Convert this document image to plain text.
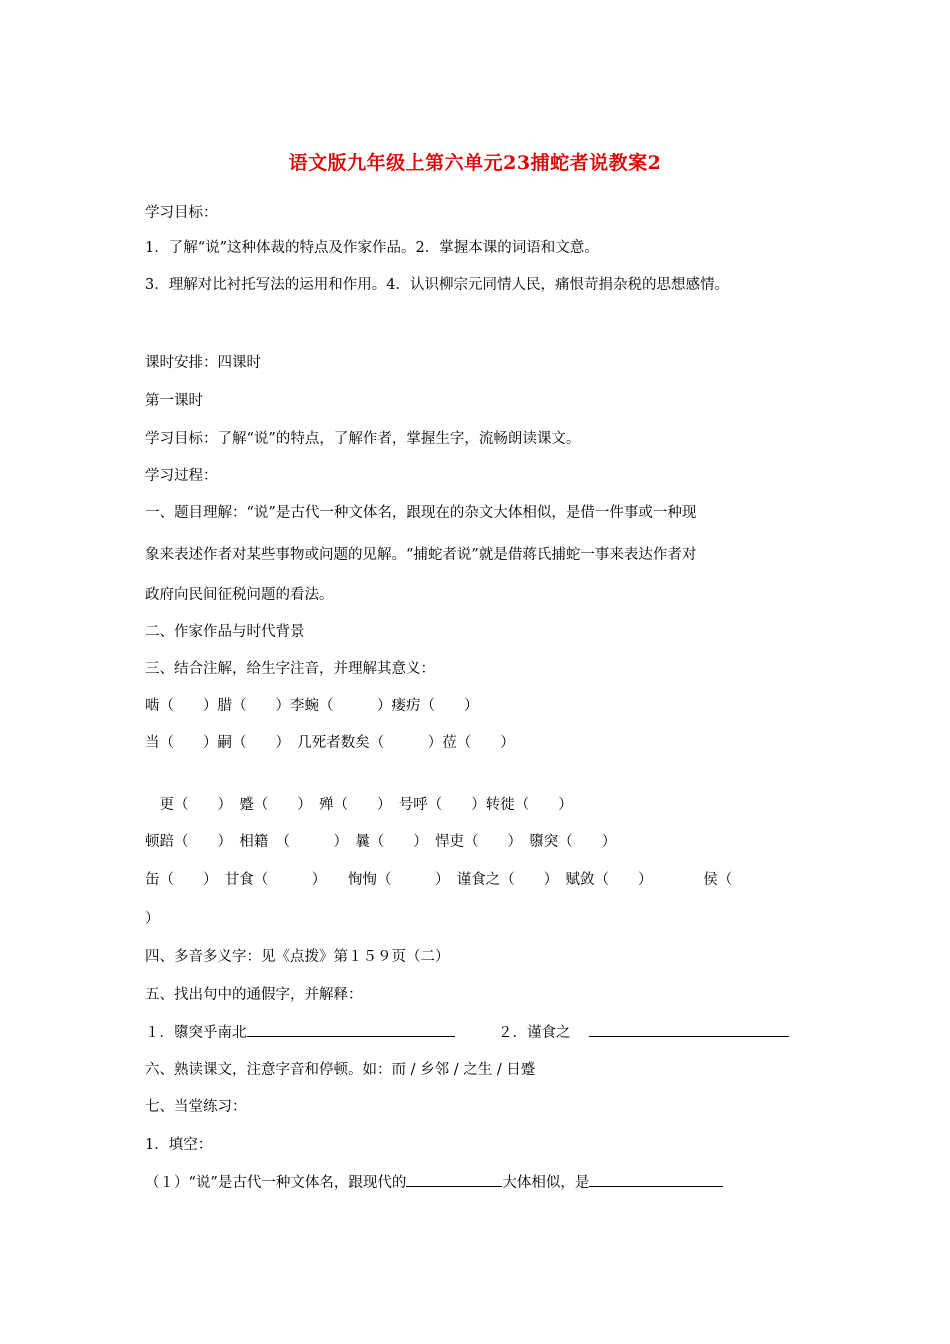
语文版九年级上第六单元23捕蛇者说教案2
学习目标：
1．了解“说”这种体裁的特点及作家作品。2．掌握本课的词语和文意。
3．理解对比衬托写法的运用和作用。4．认识柳宗元同情人民，痛恨苛捐杂税的思想感情。
课时安排：四课时
第一课时
学习目标：了解“说”的特点，了解作者，掌握生字，流畅朗读课文。
学习过程：
一、题目理解：“说”是古代一种文体名，跟现在的杂文大体相似，是借一件事或一种现
象来表述作者对某些事物或问题的见解。“捕蛇者说”就是借蒋氏捕蛇一事来表达作者对
政府向民间征税问题的看法。
二、作家作品与时代背景
三、结合注解，给生字注音，并理解其意义：
啮（　　）腊（　　）李蜿（　　　）瘘疠（　　）
当（　　）嗣（　　）　几死者数矣（　　　）莅（　　）
　更（　　）　蹙（　　）　殚（　　）　号呼（　　）转徙（　　）
顿踣（　　）　相籍　（　　　）　曩（　　）　悍吏（　　）　隳突（　　）
缶（　　）　甘食（　　　）　　恂恂（　　　）　谨食之（　　）　赋敛（　　）　　　　侯（
）
四、多音多义字：见《点拨》第１５９页（二）
五、找出句中的通假字，并解释：
１．隳突乎南北	２．谨食之
六、熟读课文，注意字音和停顿。如：而 / 乡邻 / 之生 / 日蹙
七、当堂练习：
1．填空：
（１）“说”是古代一种文体名，跟现代的	大体相似，是
